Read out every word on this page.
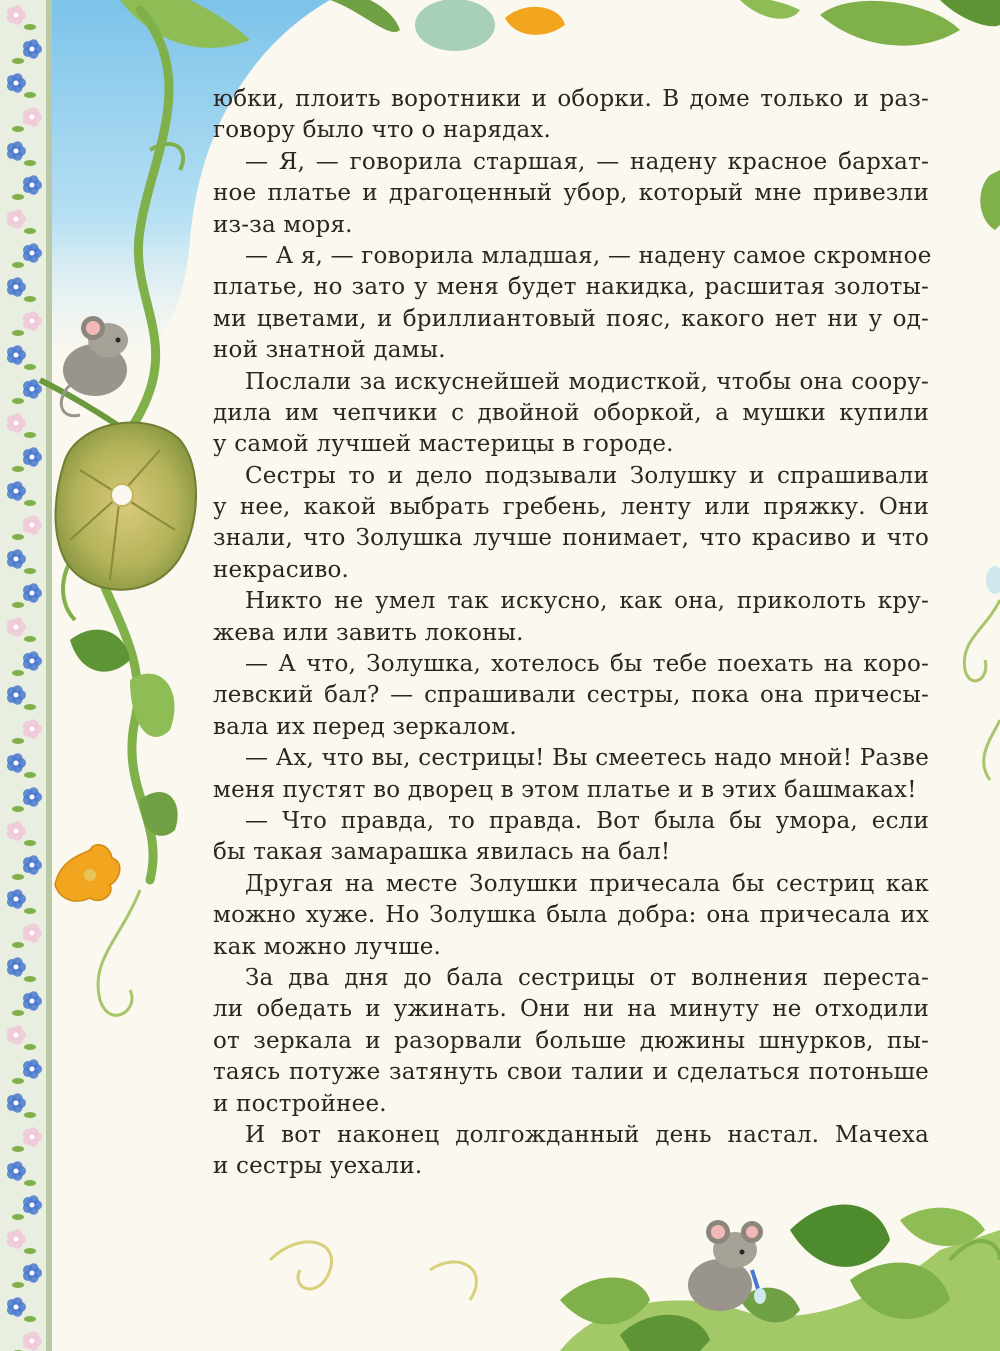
юбки, плоить воротники и оборки. В доме только и раз-
говору было что о нарядах.
— Я, — говорила старшая, — надену красное бархат-
ное платье и драгоценный убор, который мне привезли
из-за моря.
— А я, — говорила младшая, — надену самое скромное
платье, но зато у меня будет накидка, расшитая золоты-
ми цветами, и бриллиантовый пояс, какого нет ни у од-
ной знатной дамы.
Послали за искуснейшей модисткой, чтобы она соору-
дила им чепчики с двойной оборкой, а мушки купили
у самой лучшей мастерицы в городе.
Сестры то и дело подзывали Золушку и спрашивали
у нее, какой выбрать гребень, ленту или пряжку. Они
знали, что Золушка лучше понимает, что красиво и что
некрасиво.
Никто не умел так искусно, как она, приколоть кру-
жева или завить локоны.
— А что, Золушка, хотелось бы тебе поехать на коро-
левский бал? — спрашивали сестры, пока она причесы-
вала их перед зеркалом.
— Ах, что вы, сестрицы! Вы смеетесь надо мной! Разве
меня пустят во дворец в этом платье и в этих башмаках!
— Что правда, то правда. Вот была бы умора, если
бы такая замарашка явилась на бал!
Другая на месте Золушки причесала бы сестриц как
можно хуже. Но Золушка была добра: она причесала их
как можно лучше.
За два дня до бала сестрицы от волнения переста-
ли обедать и ужинать. Они ни на минуту не отходили
от зеркала и разорвали больше дюжины шнурков, пы-
таясь потуже затянуть свои талии и сделаться потоньше
и постройнее.
И вот наконец долгожданный день настал. Мачеха
и сестры уехали.
